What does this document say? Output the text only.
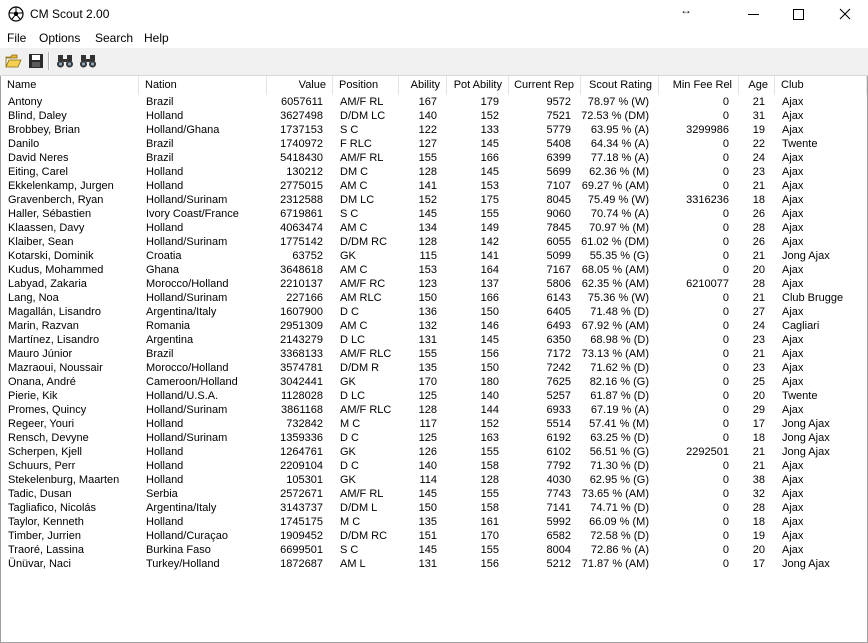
CM Scout 2.00	↔
File Options Search Help
Name	Nation	Value	Position	Ability	Pot Ability	Current Rep	Scout Rating	Min Fee Rel	Age	Club
Antony	Brazil	6057611	AM/F RL	167	179	9572	78.97 % (W)	0	21	Ajax
Blind, Daley	Holland	3627498	D/DM LC	140	152	7521 72.53 % (DM)	0	31	Ajax
Brobbey, Brian	Holland/Ghana	1737153	S C	122	133	5779	63.95 % (A)	3299986	19	Ajax
Danilo	Brazil	1740972	F RLC	127	145	5408	64.34 % (A)	0	22	Twente
David Neres	Brazil	5418430	AM/F RL	155	166	6399	77.18 % (A)	0	24	Ajax
Eiting, Carel	Holland	130212	DM C	128	145	5699	62.36 % (M)	0	23	Ajax
Ekkelenkamp, Jurgen	Holland	2775015	AM C	141	153	7107 69.27 % (AM)	0	21	Ajax
Gravenberch, Ryan	Holland/Surinam	2312588	DM LC	152	175	8045	75.49 % (W)	3316236	18	Ajax
Haller, Sébastien	Ivory Coast/France	6719861	S C	145	155	9060	70.74 % (A)	0	26	Ajax
Klaassen, Davy	Holland	4063474	AM C	134	149	7845	70.97 % (M)	0	28	Ajax
Klaiber, Sean	Holland/Surinam	1775142	D/DM RC	128	142	6055 61.02 % (DM)	0	26	Ajax
Kotarski, Dominik	Croatia	63752	GK	115	141	5099	55.35 % (G)	0	21	Jong Ajax
Kudus, Mohammed	Ghana	3648618	AM C	153	164	7167 68.05 % (AM)	0	20	Ajax
Labyad, Zakaria	Morocco/Holland	2210137	AM/F RC	123	137	5806 62.35 % (AM)	6210077	28	Ajax
Lang, Noa	Holland/Surinam	227166	AM RLC	150	166	6143	75.36 % (W)	0	21	Club Brugge
Magallán, Lisandro	Argentina/Italy	1607900	D C	136	150	6405	71.48 % (D)	0	27	Ajax
Marin, Razvan	Romania	2951309	AM C	132	146	6493 67.92 % (AM)	0	24	Cagliari
Martínez, Lisandro	Argentina	2143279	D LC	131	145	6350	68.98 % (D)	0	23	Ajax
Mauro Júnior	Brazil	3368133	AM/F RLC	155	156	7172 73.13 % (AM)	0	21	Ajax
Mazraoui, Noussair	Morocco/Holland	3574781	D/DM R	135	150	7242	71.62 % (D)	0	23	Ajax
Onana, André	Cameroon/Holland	3042441	GK	170	180	7625	82.16 % (G)	0	25	Ajax
Pierie, Kik	Holland/U.S.A.	1128028	D LC	125	140	5257	61.87 % (D)	0	20	Twente
Promes, Quincy	Holland/Surinam	3861168	AM/F RLC	128	144	6933	67.19 % (A)	0	29	Ajax
Regeer, Youri	Holland	732842	M C	117	152	5514	57.41 % (M)	0	17	Jong Ajax
Rensch, Devyne	Holland/Surinam	1359336	D C	125	163	6192	63.25 % (D)	0	18	Jong Ajax
Scherpen, Kjell	Holland	1264761	GK	126	155	6102	56.51 % (G)	2292501	21	Jong Ajax
Schuurs, Perr	Holland	2209104	D C	140	158	7792	71.30 % (D)	0	21	Ajax
Stekelenburg, Maarten	Holland	105301	GK	114	128	4030	62.95 % (G)	0	38	Ajax
Tadic, Dusan	Serbia	2572671	AM/F RL	145	155	7743 73.65 % (AM)	0	32	Ajax
Tagliafico, Nicolás	Argentina/Italy	3143737	D/DM L	150	158	7141	74.71 % (D)	0	28	Ajax
Taylor, Kenneth	Holland	1745175	M C	135	161	5992	66.09 % (M)	0	18	Ajax
Timber, Jurrien	Holland/Curaçao	1909452	D/DM RC	151	170	6582	72.58 % (D)	0	19	Ajax
Traoré, Lassina	Burkina Faso	6699501	S C	145	155	8004	72.86 % (A)	0	20	Ajax
Ünüvar, Naci	Turkey/Holland	1872687	AM L	131	156	5212 71.87 % (AM)	0	17	Jong Ajax
